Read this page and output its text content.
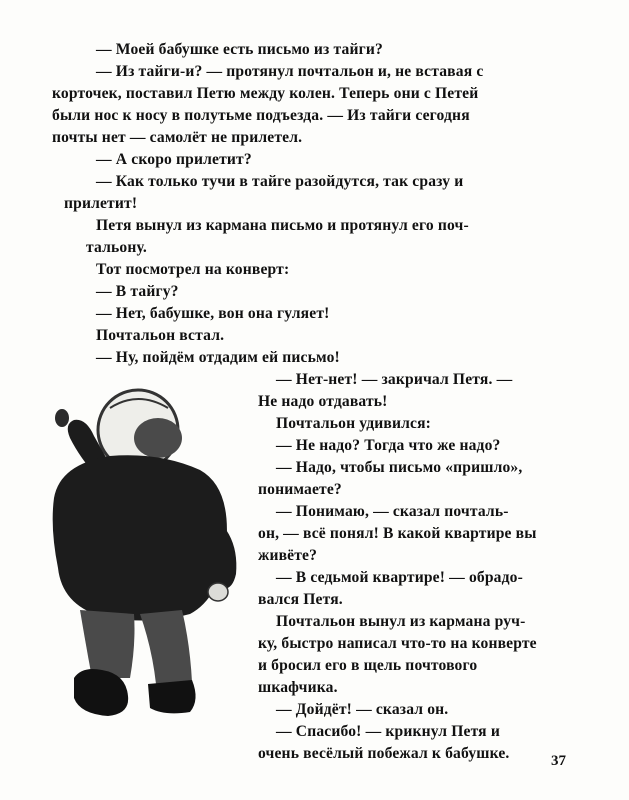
— Моей бабушке есть письмо из тайги?
— Из тайги-и? — протянул почтальон и, не вставая с
корточек, поставил Петю между колен. Теперь они с Петей
были нос к носу в полутьме подъезда. — Из тайги сегодня
почты нет — самолёт не прилетел.
— А скоро прилетит?
— Как только тучи в тайге разойдутся, так сразу и
прилетит!
Петя вынул из кармана письмо и протянул его поч-
тальону.
Тот посмотрел на конверт:
— В тайгу?
— Нет, бабушке, вон она гуляет!
Почтальон встал.
— Ну, пойдём отдадим ей письмо!
— Нет-нет! — закричал Петя. —
Не надо отдавать!
Почтальон удивился:
— Не надо? Тогда что же надо?
— Надо, чтобы письмо «пришло»,
понимаете?
— Понимаю, — сказал почталь-
он, — всё понял! В какой квартире вы
живёте?
— В седьмой квартире! — обрадо-
вался Петя.
Почтальон вынул из кармана руч-
ку, быстро написал что-то на конверте
и бросил его в щель почтового
шкафчика.
— Дойдёт! — сказал он.
— Спасибо! — крикнул Петя и
очень весёлый побежал к бабушке.	37
